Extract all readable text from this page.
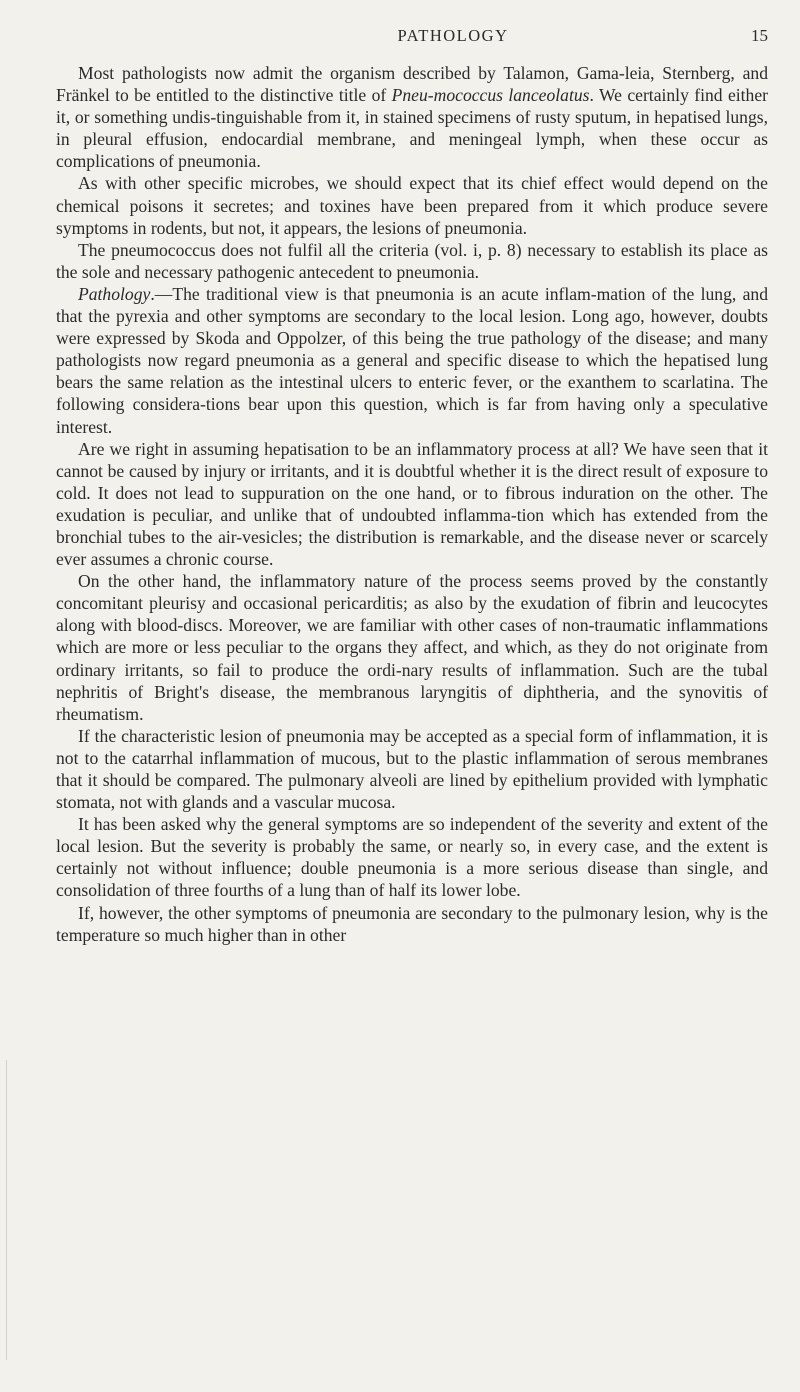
PATHOLOGY	15

Most pathologists now admit the organism described by Talamon, Gama-leia, Sternberg, and Fränkel to be entitled to the distinctive title of Pneu-mococcus lanceolatus. We certainly find either it, or something undis-tinguishable from it, in stained specimens of rusty sputum, in hepatised lungs, in pleural effusion, endocardial membrane, and meningeal lymph, when these occur as complications of pneumonia.

As with other specific microbes, we should expect that its chief effect would depend on the chemical poisons it secretes; and toxines have been prepared from it which produce severe symptoms in rodents, but not, it appears, the lesions of pneumonia.

The pneumococcus does not fulfil all the criteria (vol. i, p. 8) necessary to establish its place as the sole and necessary pathogenic antecedent to pneumonia.

Pathology.—The traditional view is that pneumonia is an acute inflam-mation of the lung, and that the pyrexia and other symptoms are secondary to the local lesion. Long ago, however, doubts were expressed by Skoda and Oppolzer, of this being the true pathology of the disease; and many pathologists now regard pneumonia as a general and specific disease to which the hepatised lung bears the same relation as the intestinal ulcers to enteric fever, or the exanthem to scarlatina. The following considera-tions bear upon this question, which is far from having only a speculative interest.

Are we right in assuming hepatisation to be an inflammatory process at all? We have seen that it cannot be caused by injury or irritants, and it is doubtful whether it is the direct result of exposure to cold. It does not lead to suppuration on the one hand, or to fibrous induration on the other. The exudation is peculiar, and unlike that of undoubted inflamma-tion which has extended from the bronchial tubes to the air-vesicles; the distribution is remarkable, and the disease never or scarcely ever assumes a chronic course.

On the other hand, the inflammatory nature of the process seems proved by the constantly concomitant pleurisy and occasional pericarditis; as also by the exudation of fibrin and leucocytes along with blood-discs. Moreover, we are familiar with other cases of non-traumatic inflammations which are more or less peculiar to the organs they affect, and which, as they do not originate from ordinary irritants, so fail to produce the ordi-nary results of inflammation. Such are the tubal nephritis of Bright's disease, the membranous laryngitis of diphtheria, and the synovitis of rheumatism.

If the characteristic lesion of pneumonia may be accepted as a special form of inflammation, it is not to the catarrhal inflammation of mucous, but to the plastic inflammation of serous membranes that it should be compared. The pulmonary alveoli are lined by epithelium provided with lymphatic stomata, not with glands and a vascular mucosa.

It has been asked why the general symptoms are so independent of the severity and extent of the local lesion. But the severity is probably the same, or nearly so, in every case, and the extent is certainly not without influence; double pneumonia is a more serious disease than single, and consolidation of three fourths of a lung than of half its lower lobe.

If, however, the other symptoms of pneumonia are secondary to the pulmonary lesion, why is the temperature so much higher than in other
